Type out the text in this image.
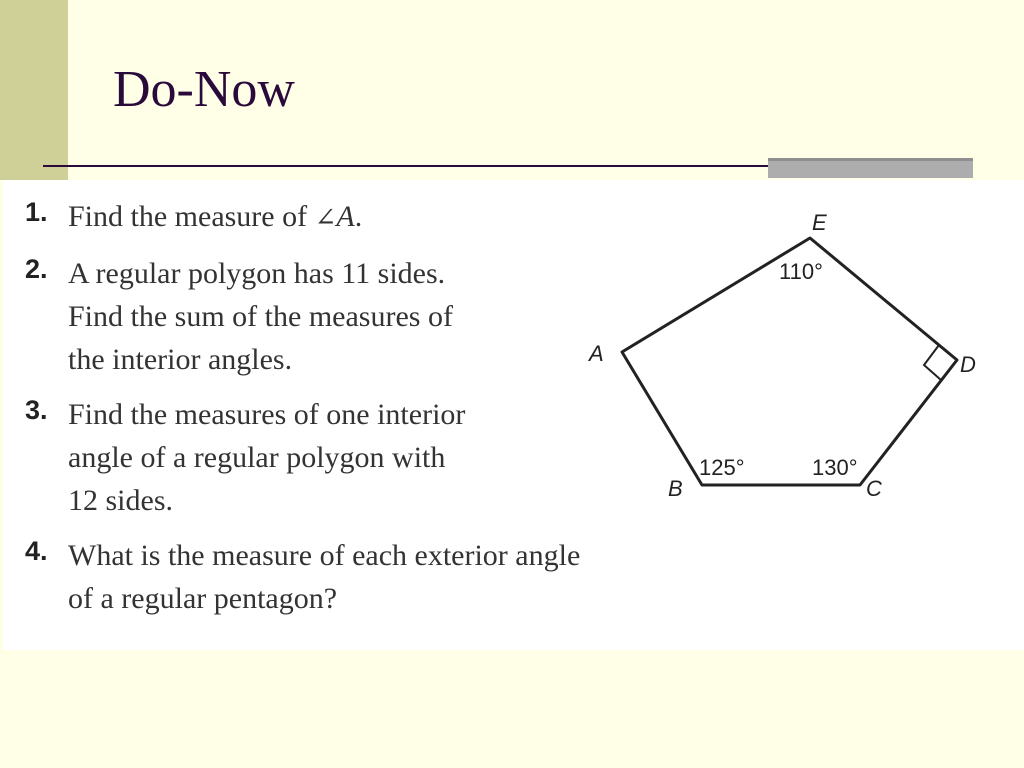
Do-Now
1. Find the measure of ∠A.
2. A regular polygon has 11 sides.
Find the sum of the measures of
the interior angles.
3. Find the measures of one interior
angle of a regular polygon with
12 sides.
4. What is the measure of each exterior angle
of a regular pentagon?
E
A	D
B	C
110°
125°	130°
